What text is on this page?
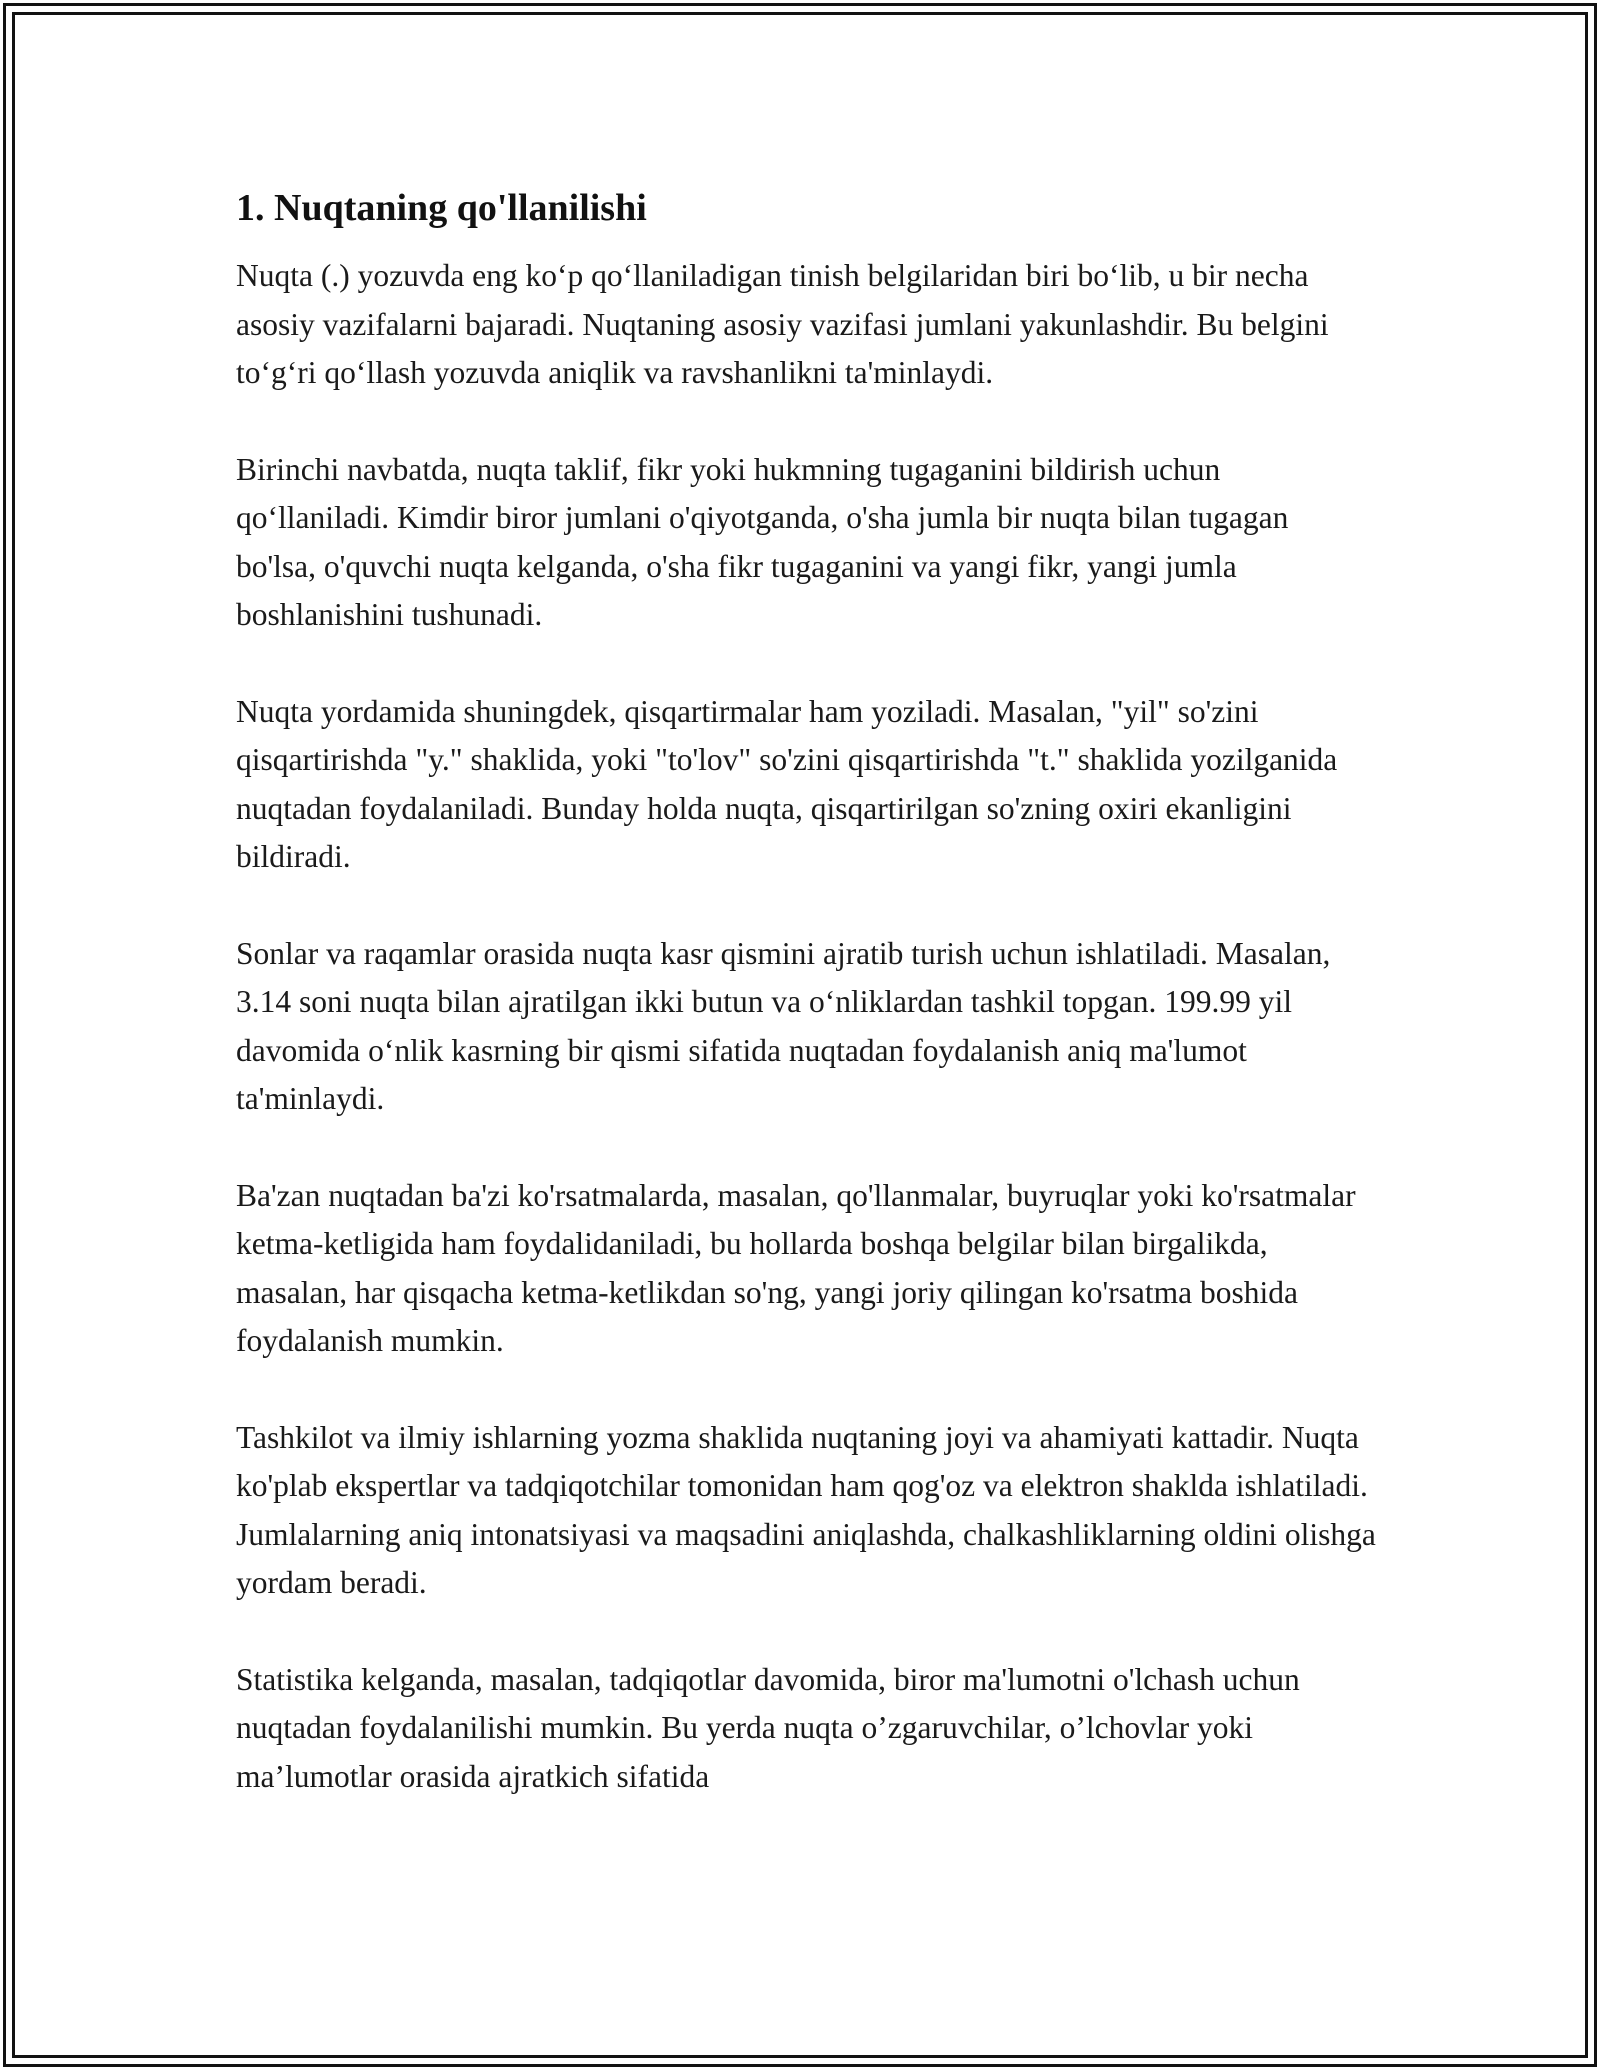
1. Nuqtaning qo'llanilishi

Nuqta (.) yozuvda eng ko‘p qo‘llaniladigan tinish belgilaridan biri bo‘lib, u bir necha asosiy vazifalarni bajaradi. Nuqtaning asosiy vazifasi jumlani yakunlashdir. Bu belgini to‘g‘ri qo‘llash yozuvda aniqlik va ravshanlikni ta'minlaydi.

Birinchi navbatda, nuqta taklif, fikr yoki hukmning tugaganini bildirish uchun qo‘llaniladi. Kimdir biror jumlani o'qiyotganda, o'sha jumla bir nuqta bilan tugagan bo'lsa, o'quvchi nuqta kelganda, o'sha fikr tugaganini va yangi fikr, yangi jumla boshlanishini tushunadi.

Nuqta yordamida shuningdek, qisqartirmalar ham yoziladi. Masalan, "yil" so'zini qisqartirishda "y." shaklida, yoki "to'lov" so'zini qisqartirishda "t." shaklida yozilganida nuqtadan foydalaniladi. Bunday holda nuqta, qisqartirilgan so'zning oxiri ekanligini bildiradi.

Sonlar va raqamlar orasida nuqta kasr qismini ajratib turish uchun ishlatiladi. Masalan, 3.14 soni nuqta bilan ajratilgan ikki butun va o‘nliklardan tashkil topgan. 199.99 yil davomida o‘nlik kasrning bir qismi sifatida nuqtadan foydalanish aniq ma'lumot ta'minlaydi.

Ba'zan nuqtadan ba'zi ko'rsatmalarda, masalan, qo'llanmalar, buyruqlar yoki ko'rsatmalar ketma-ketligida ham foydalidaniladi, bu hollarda boshqa belgilar bilan birgalikda, masalan, har qisqacha ketma-ketlikdan so'ng, yangi joriy qilingan ko'rsatma boshida foydalanish mumkin.

Tashkilot va ilmiy ishlarning yozma shaklida nuqtaning joyi va ahamiyati kattadir. Nuqta ko'plab ekspertlar va tadqiqotchilar tomonidan ham qog'oz va elektron shaklda ishlatiladi. Jumlalarning aniq intonatsiyasi va maqsadini aniqlashda, chalkashliklarning oldini olishga yordam beradi.

Statistika kelganda, masalan, tadqiqotlar davomida, biror ma'lumotni o'lchash uchun nuqtadan foydalanilishi mumkin. Bu yerda nuqta o’zgaruvchilar, o’lchovlar yoki ma’lumotlar orasida ajratkich sifatida
